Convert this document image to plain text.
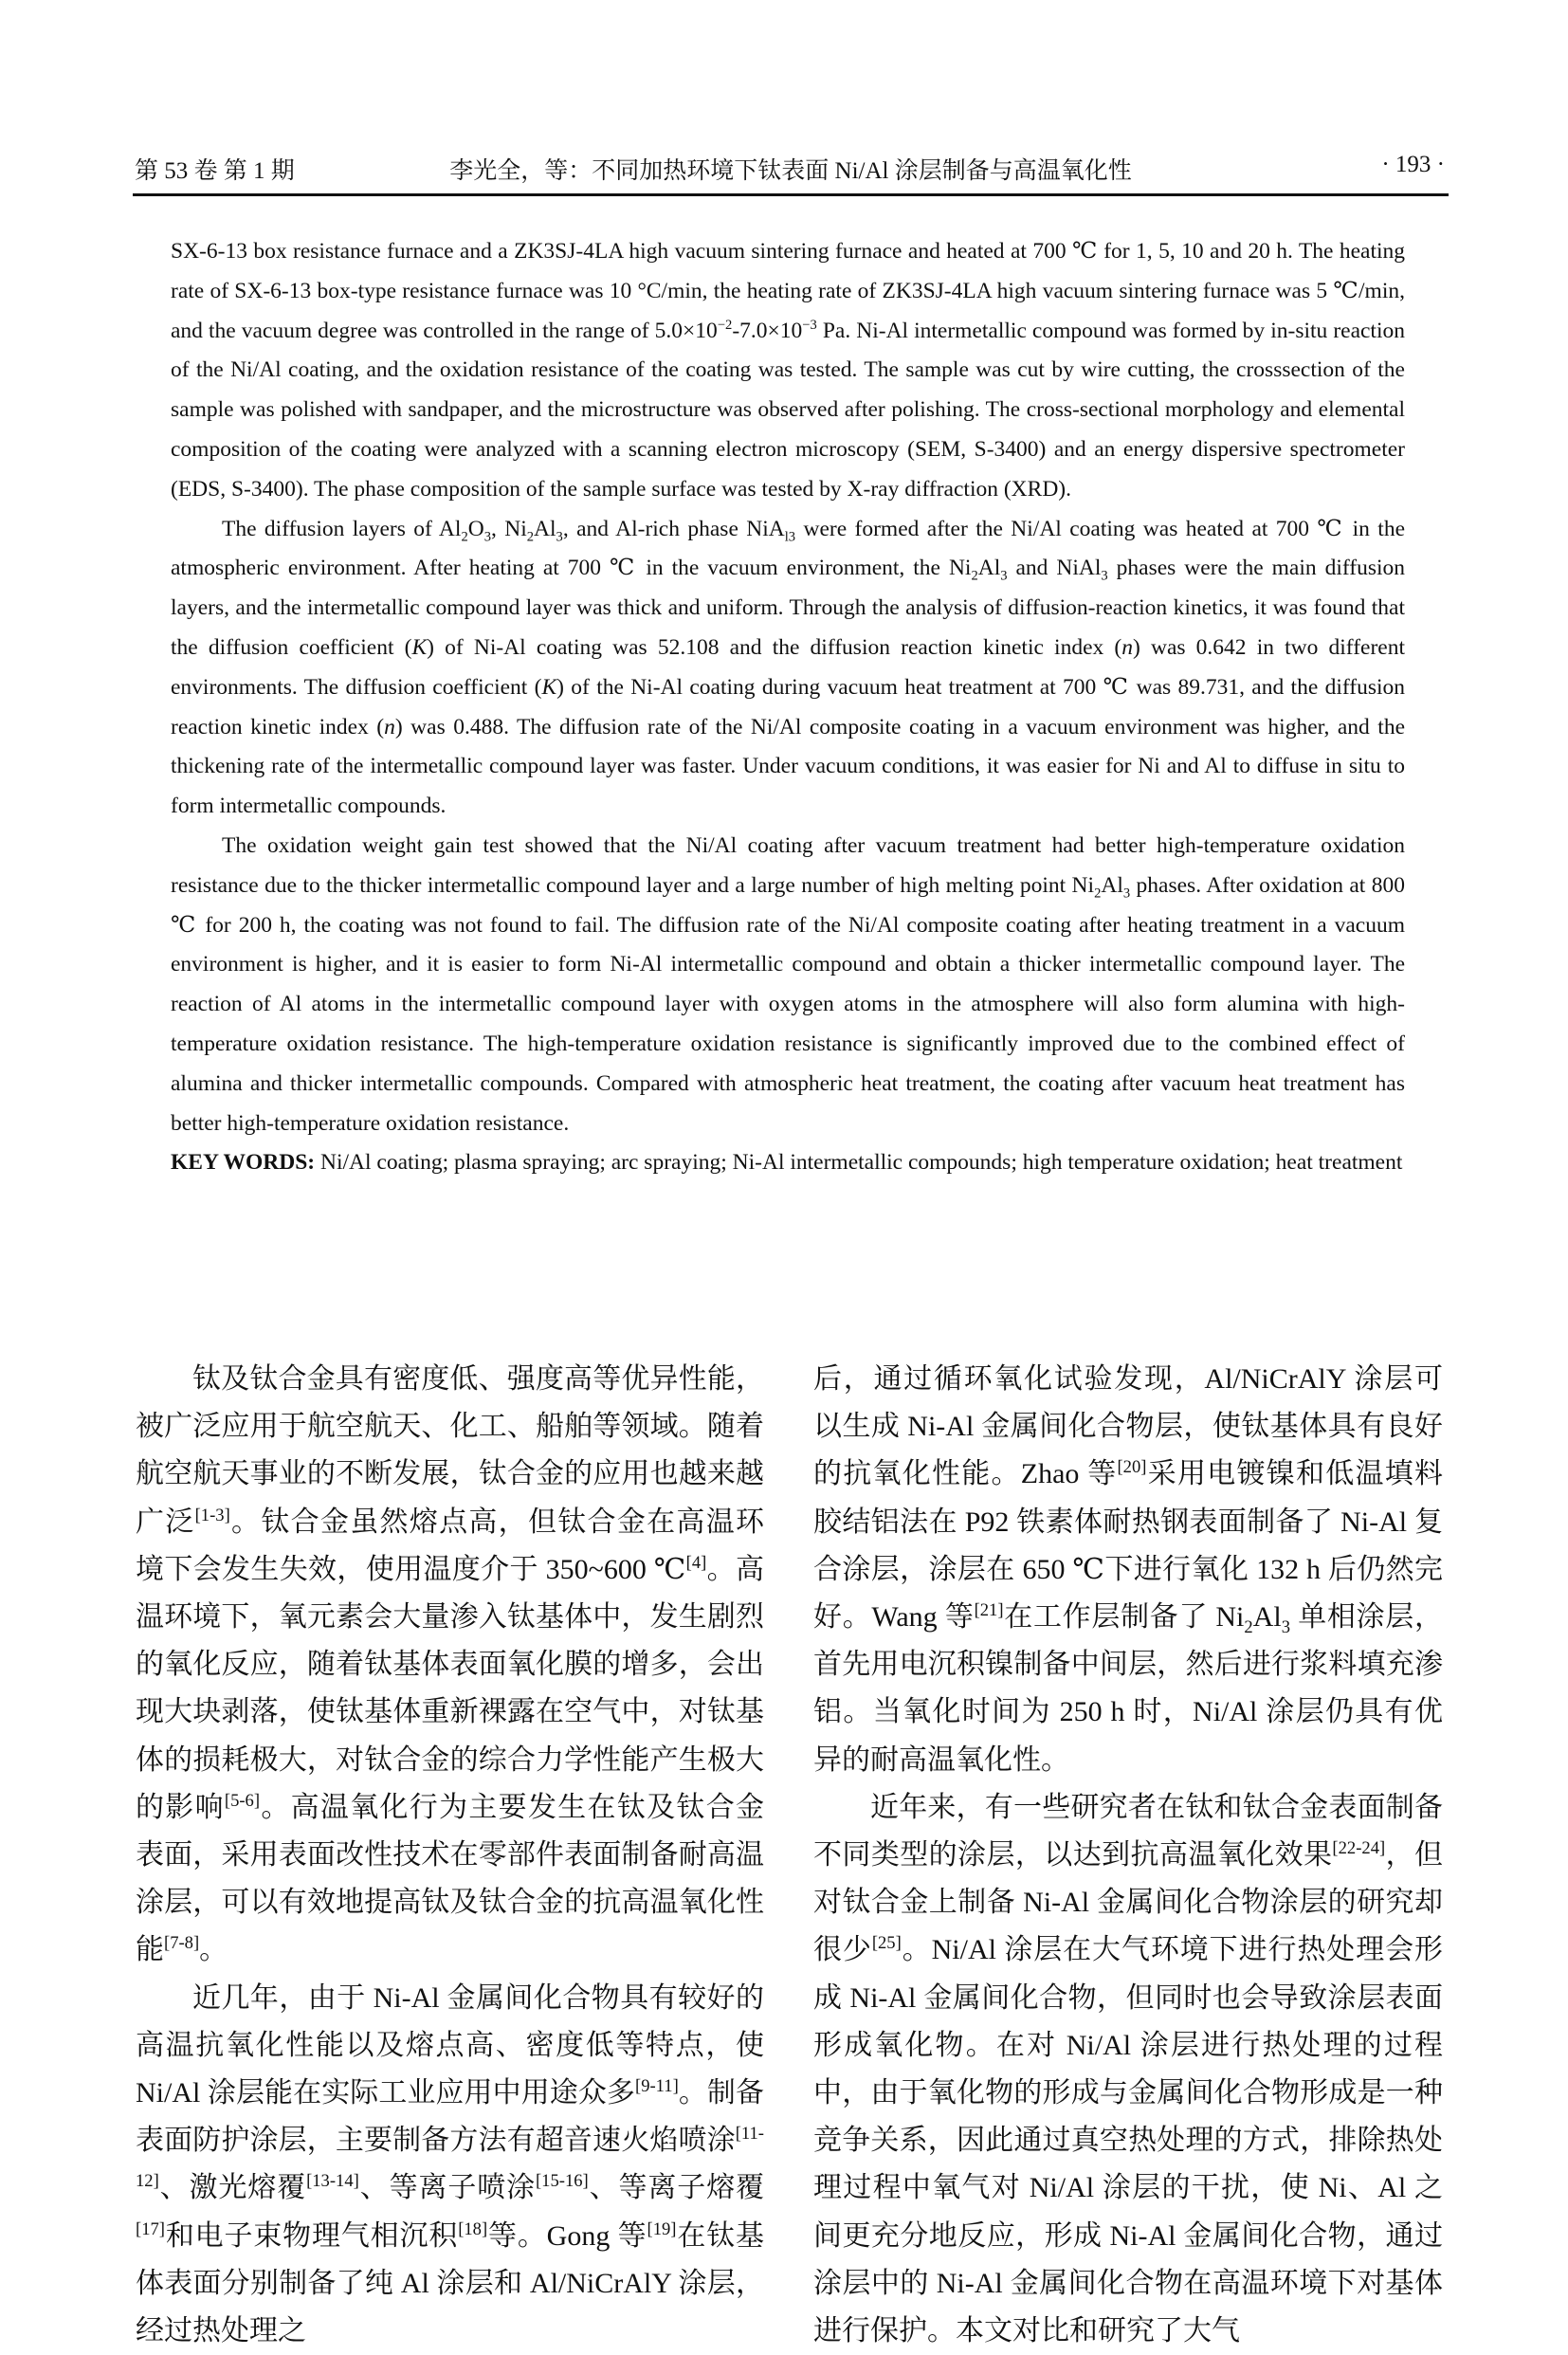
第 53 卷 第 1 期	李光全，等：不同加热环境下钛表面 Ni/Al 涂层制备与高温氧化性	· 193 ·

SX-6-13 box resistance furnace and a ZK3SJ-4LA high vacuum sintering furnace and heated at 700 ℃ for 1, 5, 10 and 20 h. The heating rate of SX-6-13 box-type resistance furnace was 10 °C/min, the heating rate of ZK3SJ-4LA high vacuum sintering furnace was 5 ℃/min, and the vacuum degree was controlled in the range of $5.0\times 10^{-2}-7.0\times 10^{-3}$ Pa. Ni-Al intermetallic compound was formed by in-situ reaction of the Ni/Al coating, and the oxidation resistance of the coating was tested. The sample was cut by wire cutting, the crosssection of the sample was polished with sandpaper, and the microstructure was observed after polishing. The cross-sectional morphology and elemental composition of the coating were analyzed with a scanning electron microscopy (SEM, S-3400) and an energy dispersive spectrometer (EDS, S-3400). The phase composition of the sample surface was tested by X-ray diffraction (XRD).

The diffusion layers of $Al_2O_3$, $Ni_2Al_3$, and Al-rich phase NiA$_{l3}$ were formed after the Ni/Al coating was heated at 700 ℃ in the atmospheric environment. After heating at 700 ℃ in the vacuum environment, the $Ni_2Al_3$ and NiAl$_3$ phases were the main diffusion layers, and the intermetallic compound layer was thick and uniform. Through the analysis of diffusion-reaction kinetics, it was found that the diffusion coefficient (K) of Ni-Al coating was 52.108 and the diffusion reaction kinetic index (n) was 0.642 in two different environments. The diffusion coefficient (K) of the Ni-Al coating during vacuum heat treatment at 700 ℃ was 89.731, and the diffusion reaction kinetic index (n) was 0.488. The diffusion rate of the Ni/Al composite coating in a vacuum environment was higher, and the thickening rate of the intermetallic compound layer was faster. Under vacuum conditions, it was easier for Ni and Al to diffuse in situ to form intermetallic compounds.

The oxidation weight gain test showed that the Ni/Al coating after vacuum treatment had better high-temperature oxidation resistance due to the thicker intermetallic compound layer and a large number of high melting point $Ni_2Al_3$ phases. After oxidation at 800 ℃ for 200 h, the coating was not found to fail. The diffusion rate of the Ni/Al composite coating after heating treatment in a vacuum environment is higher, and it is easier to form Ni-Al intermetallic compound and obtain a thicker intermetallic compound layer. The reaction of Al atoms in the intermetallic compound layer with oxygen atoms in the atmosphere will also form alumina with high-temperature oxidation resistance. The high-temperature oxidation resistance is significantly improved due to the combined effect of alumina and thicker intermetallic compounds. Compared with atmospheric heat treatment, the coating after vacuum heat treatment has better high-temperature oxidation resistance.

KEY WORDS: Ni/Al coating; plasma spraying; arc spraying; Ni-Al intermetallic compounds; high temperature oxidation; heat treatment

钛及钛合金具有密度低、强度高等优异性能，被广泛应用于航空航天、化工、船舶等领域。随着航空航天事业的不断发展，钛合金的应用也越来越广泛[1-3]。钛合金虽然熔点高，但钛合金在高温环境下会发生失效，使用温度介于 350~600 ℃[4]。高温环境下，氧元素会大量渗入钛基体中，发生剧烈的氧化反应，随着钛基体表面氧化膜的增多，会出现大块剥落，使钛基体重新裸露在空气中，对钛基体的损耗极大，对钛合金的综合力学性能产生极大的影响[5-6]。高温氧化行为主要发生在钛及钛合金表面，采用表面改性技术在零部件表面制备耐高温涂层，可以有效地提高钛及钛合金的抗高温氧化性能[7-8]。

近几年，由于 Ni-Al 金属间化合物具有较好的高温抗氧化性能以及熔点高、密度低等特点，使 Ni/Al 涂层能在实际工业应用中用途众多[9-11]。制备表面防护涂层，主要制备方法有超音速火焰喷涂[11-12]、激光熔覆[13-14]、等离子喷涂[15-16]、等离子熔覆[17]和电子束物理气相沉积[18]等。Gong 等[19]在钛基体表面分别制备了纯 Al 涂层和 Al/NiCrAlY 涂层，经过热处理之

后，通过循环氧化试验发现，Al/NiCrAlY 涂层可以生成 Ni-Al 金属间化合物层，使钛基体具有良好的抗氧化性能。Zhao 等[20]采用电镀镍和低温填料胶结铝法在 P92 铁素体耐热钢表面制备了 Ni-Al 复合涂层，涂层在 650 ℃下进行氧化 132 h 后仍然完好。Wang 等[21]在工作层制备了 $Ni_2Al_3$ 单相涂层，首先用电沉积镍制备中间层，然后进行浆料填充渗铝。当氧化时间为 250 h 时，Ni/Al 涂层仍具有优异的耐高温氧化性。

近年来，有一些研究者在钛和钛合金表面制备不同类型的涂层，以达到抗高温氧化效果[22-24]，但对钛合金上制备 Ni-Al 金属间化合物涂层的研究却很少[25]。Ni/Al 涂层在大气环境下进行热处理会形成 Ni-Al 金属间化合物，但同时也会导致涂层表面形成氧化物。在对 Ni/Al 涂层进行热处理的过程中，由于氧化物的形成与金属间化合物形成是一种竞争关系，因此通过真空热处理的方式，排除热处理过程中氧气对 Ni/Al 涂层的干扰，使 Ni、Al 之间更充分地反应，形成 Ni-Al 金属间化合物，通过涂层中的 Ni-Al 金属间化合物在高温环境下对基体进行保护。本文对比和研究了大气
